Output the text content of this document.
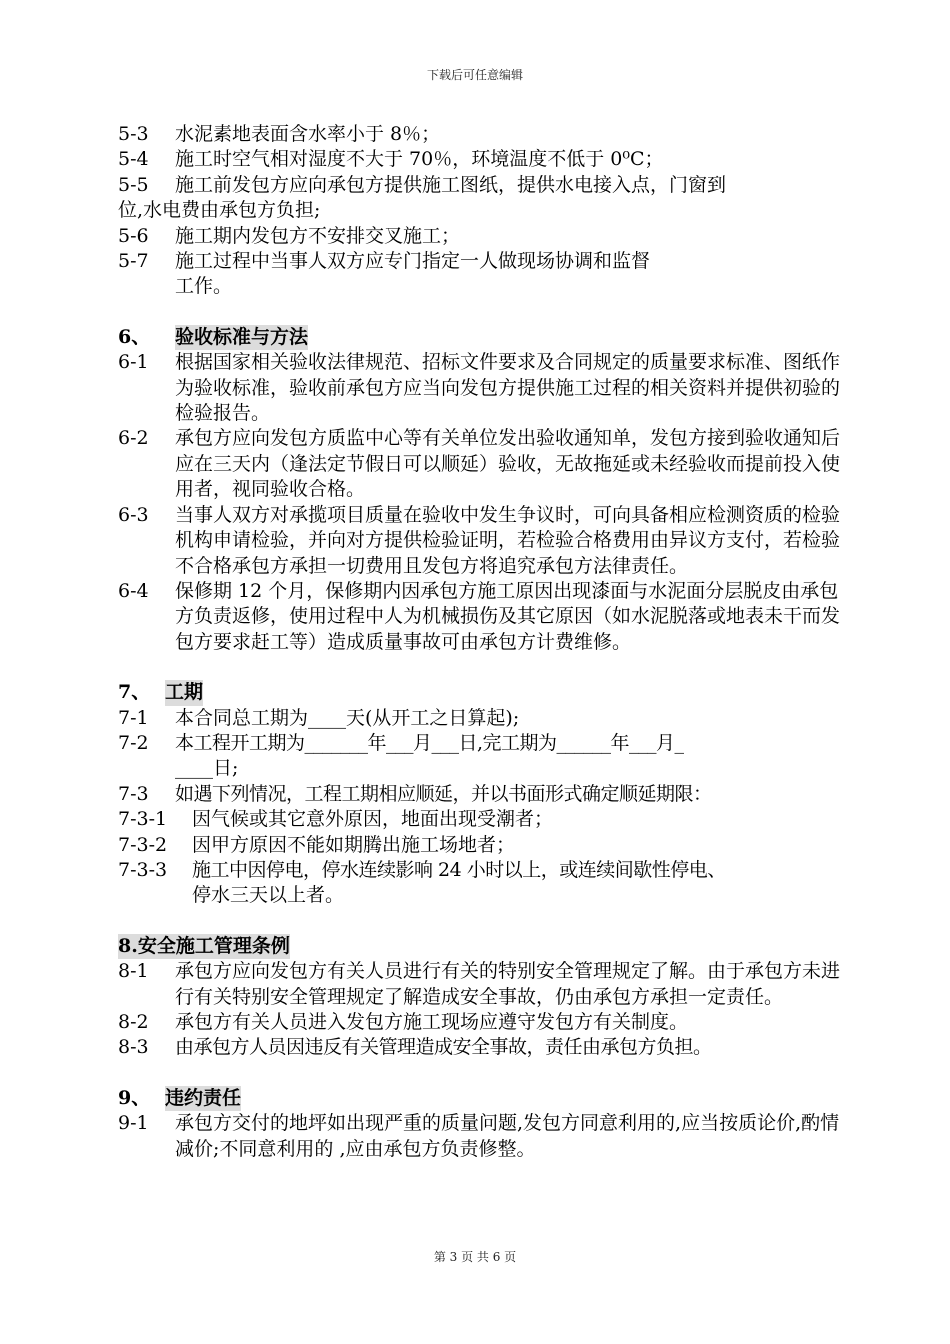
下载后可任意编辑
5-3	水泥素地表面含水率小于 8％；
5-4	施工时空气相对湿度不大于 70％，环境温度不低于 0⁰C；
5-5	施工前发包方应向承包方提供施工图纸，提供水电接入点，门窗到
位,水电费由承包方负担;
5-6	施工期内发包方不安排交叉施工；
5-7	施工过程中当事人双方应专门指定一人做现场协调和监督
工作。
6、	验收标准与方法
6-1	根据国家相关验收法律规范、招标文件要求及合同规定的质量要求标准、图纸作为验收标准，验收前承包方应当向发包方提供施工过程的相关资料并提供初验的检验报告。
6-2	承包方应向发包方质监中心等有关单位发出验收通知单，发包方接到验收通知后应在三天内（逢法定节假日可以顺延）验收，无故拖延或未经验收而提前投入使用者，视同验收合格。
6-3	当事人双方对承揽项目质量在验收中发生争议时，可向具备相应检测资质的检验机构申请检验，并向对方提供检验证明，若检验合格费用由异议方支付，若检验不合格承包方承担一切费用且发包方将追究承包方法律责任。
6-4	保修期 12 个月，保修期内因承包方施工原因出现漆面与水泥面分层脱皮由承包方负责返修，使用过程中人为机械损伤及其它原因（如水泥脱落或地表未干而发包方要求赶工等）造成质量事故可由承包方计费维修。
7、 工期
7-1	本合同总工期为____天(从开工之日算起);
7-2	本工程开工期为_______年___月___日,完工期为______年___月_
____日;
7-3	如遇下列情况，工程工期相应顺延，并以书面形式确定顺延期限：
7-3-1	因气候或其它意外原因，地面出现受潮者；
7-3-2	因甲方原因不能如期腾出施工场地者；
7-3-3	施工中因停电，停水连续影响 24 小时以上，或连续间歇性停电、
停水三天以上者。
8.安全施工管理条例
8-1	承包方应向发包方有关人员进行有关的特别安全管理规定了解。由于承包方未进行有关特别安全管理规定了解造成安全事故，仍由承包方承担一定责任。
8-2	承包方有关人员进入发包方施工现场应遵守发包方有关制度。
8-3	由承包方人员因违反有关管理造成安全事故，责任由承包方负担。
9、 违约责任
9-1	承包方交付的地坪如出现严重的质量问题,发包方同意利用的,应当按质论价,酌情减价;不同意利用的 ,应由承包方负责修整。
第 3 页 共 6 页
